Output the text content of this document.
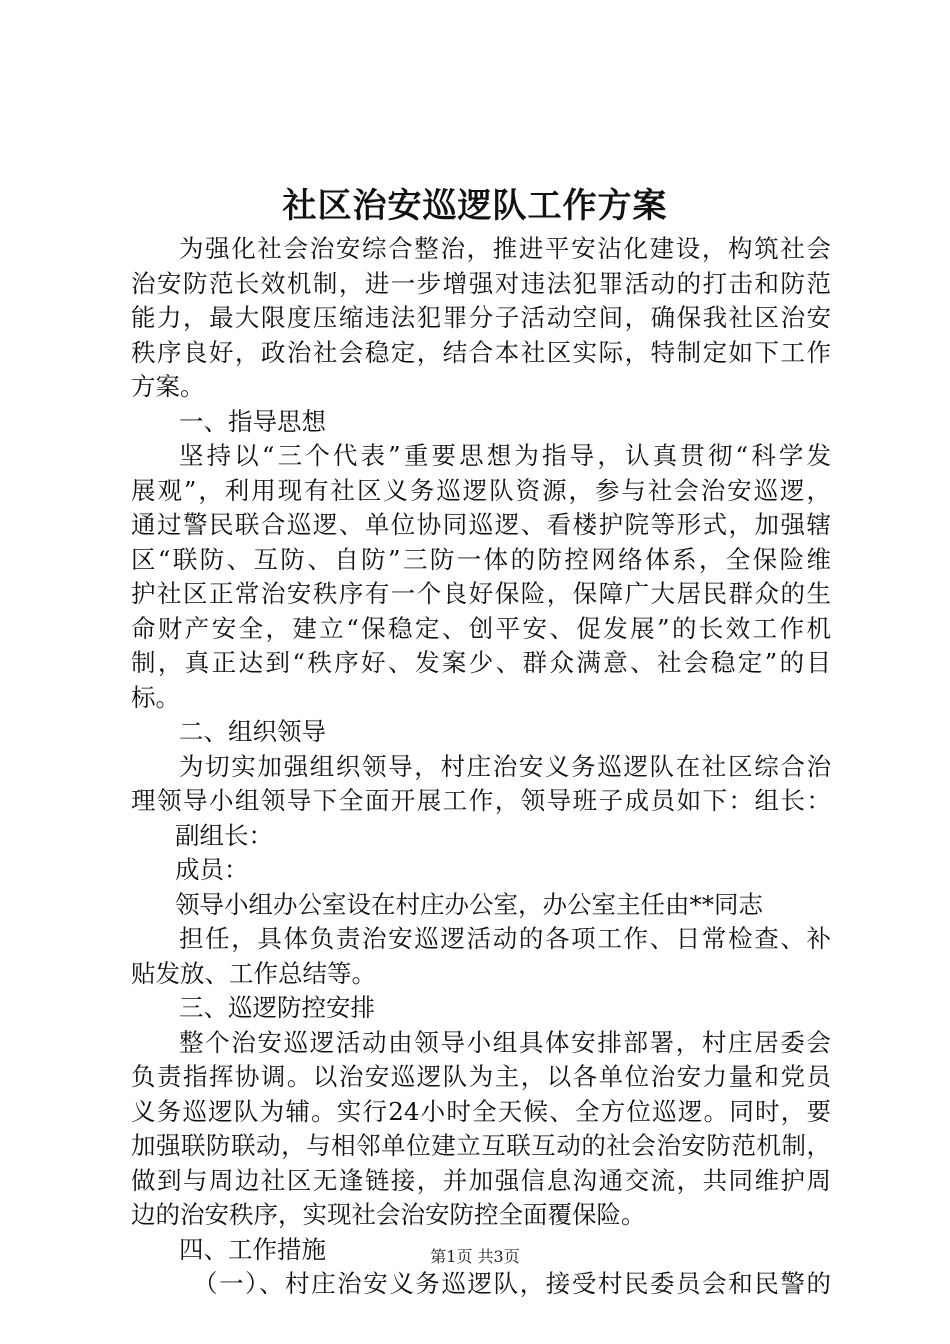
社区治安巡逻队工作方案
为强化社会治安综合整治，推进平安沾化建设，构筑社会
治安防范长效机制，进一步增强对违法犯罪活动的打击和防范
能力，最大限度压缩违法犯罪分子活动空间，确保我社区治安
秩序良好，政治社会稳定，结合本社区实际，特制定如下工作
方案。
一、指导思想
坚持以“三个代表”重要思想为指导，认真贯彻“科学发
展观”，利用现有社区义务巡逻队资源，参与社会治安巡逻，
通过警民联合巡逻、单位协同巡逻、看楼护院等形式，加强辖
区“联防、互防、自防”三防一体的防控网络体系，全保险维
护社区正常治安秩序有一个良好保险，保障广大居民群众的生
命财产安全，建立“保稳定、创平安、促发展”的长效工作机
制，真正达到“秩序好、发案少、群众满意、社会稳定”的目
标。
二、组织领导
为切实加强组织领导，村庄治安义务巡逻队在社区综合治
理领导小组领导下全面开展工作，领导班子成员如下：组长：
副组长：
成员：
领导小组办公室设在村庄办公室，办公室主任由**同志
担任，具体负责治安巡逻活动的各项工作、日常检查、补
贴发放、工作总结等。
三、巡逻防控安排
整个治安巡逻活动由领导小组具体安排部署，村庄居委会
负责指挥协调。以治安巡逻队为主，以各单位治安力量和党员
义务巡逻队为辅。实行24小时全天候、全方位巡逻。同时，要
加强联防联动，与相邻单位建立互联互动的社会治安防范机制，
做到与周边社区无逢链接，并加强信息沟通交流，共同维护周
边的治安秩序，实现社会治安防控全面覆保险。
四、工作措施
（一）、村庄治安义务巡逻队，接受村民委员会和民警的
第1页 共3页
